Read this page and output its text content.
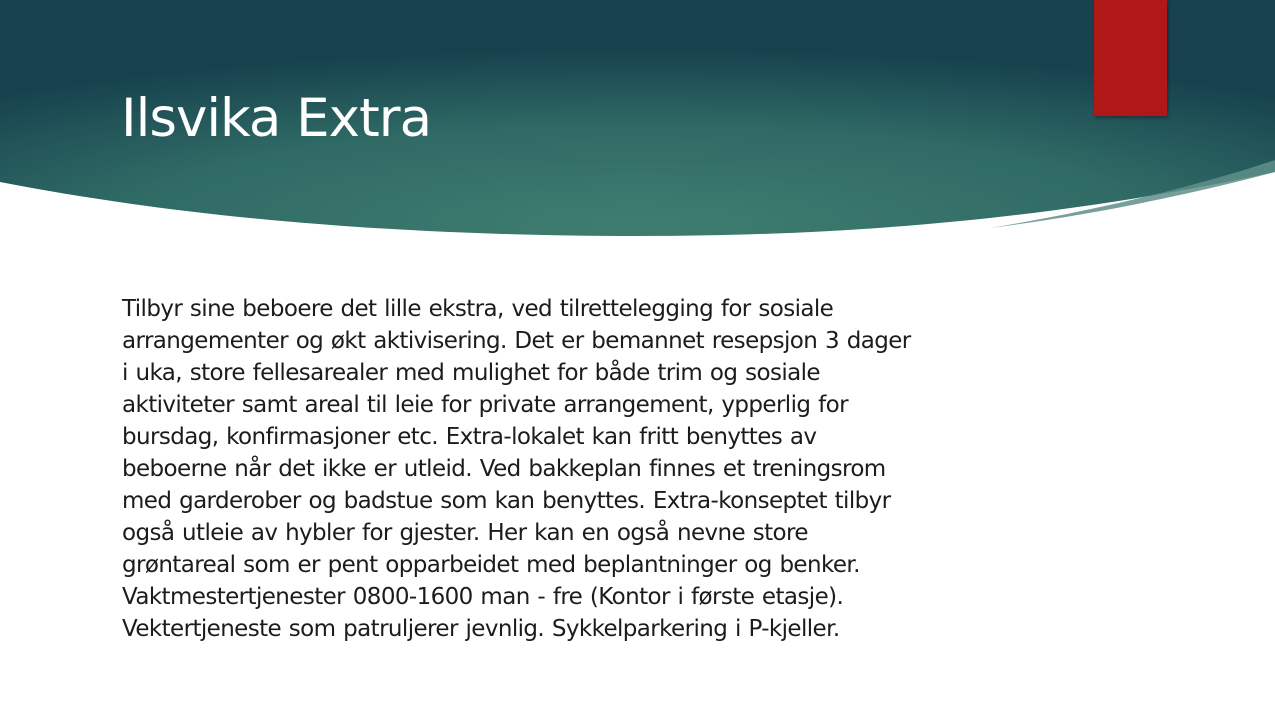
Ilsvika Extra
Tilbyr sine beboere det lille ekstra, ved tilrettelegging for sosiale
arrangementer og økt aktivisering. Det er bemannet resepsjon 3 dager
i uka, store fellesarealer med mulighet for både trim og sosiale
aktiviteter samt areal til leie for private arrangement, ypperlig for
bursdag, konfirmasjoner etc. Extra-lokalet kan fritt benyttes av
beboerne når det ikke er utleid. Ved bakkeplan finnes et treningsrom
med garderober og badstue som kan benyttes. Extra-konseptet tilbyr
også utleie av hybler for gjester. Her kan en også nevne store
grøntareal som er pent opparbeidet med beplantninger og benker.
Vaktmestertjenester 0800-1600 man - fre (Kontor i første etasje).
Vektertjeneste som patruljerer jevnlig. Sykkelparkering i P-kjeller.
